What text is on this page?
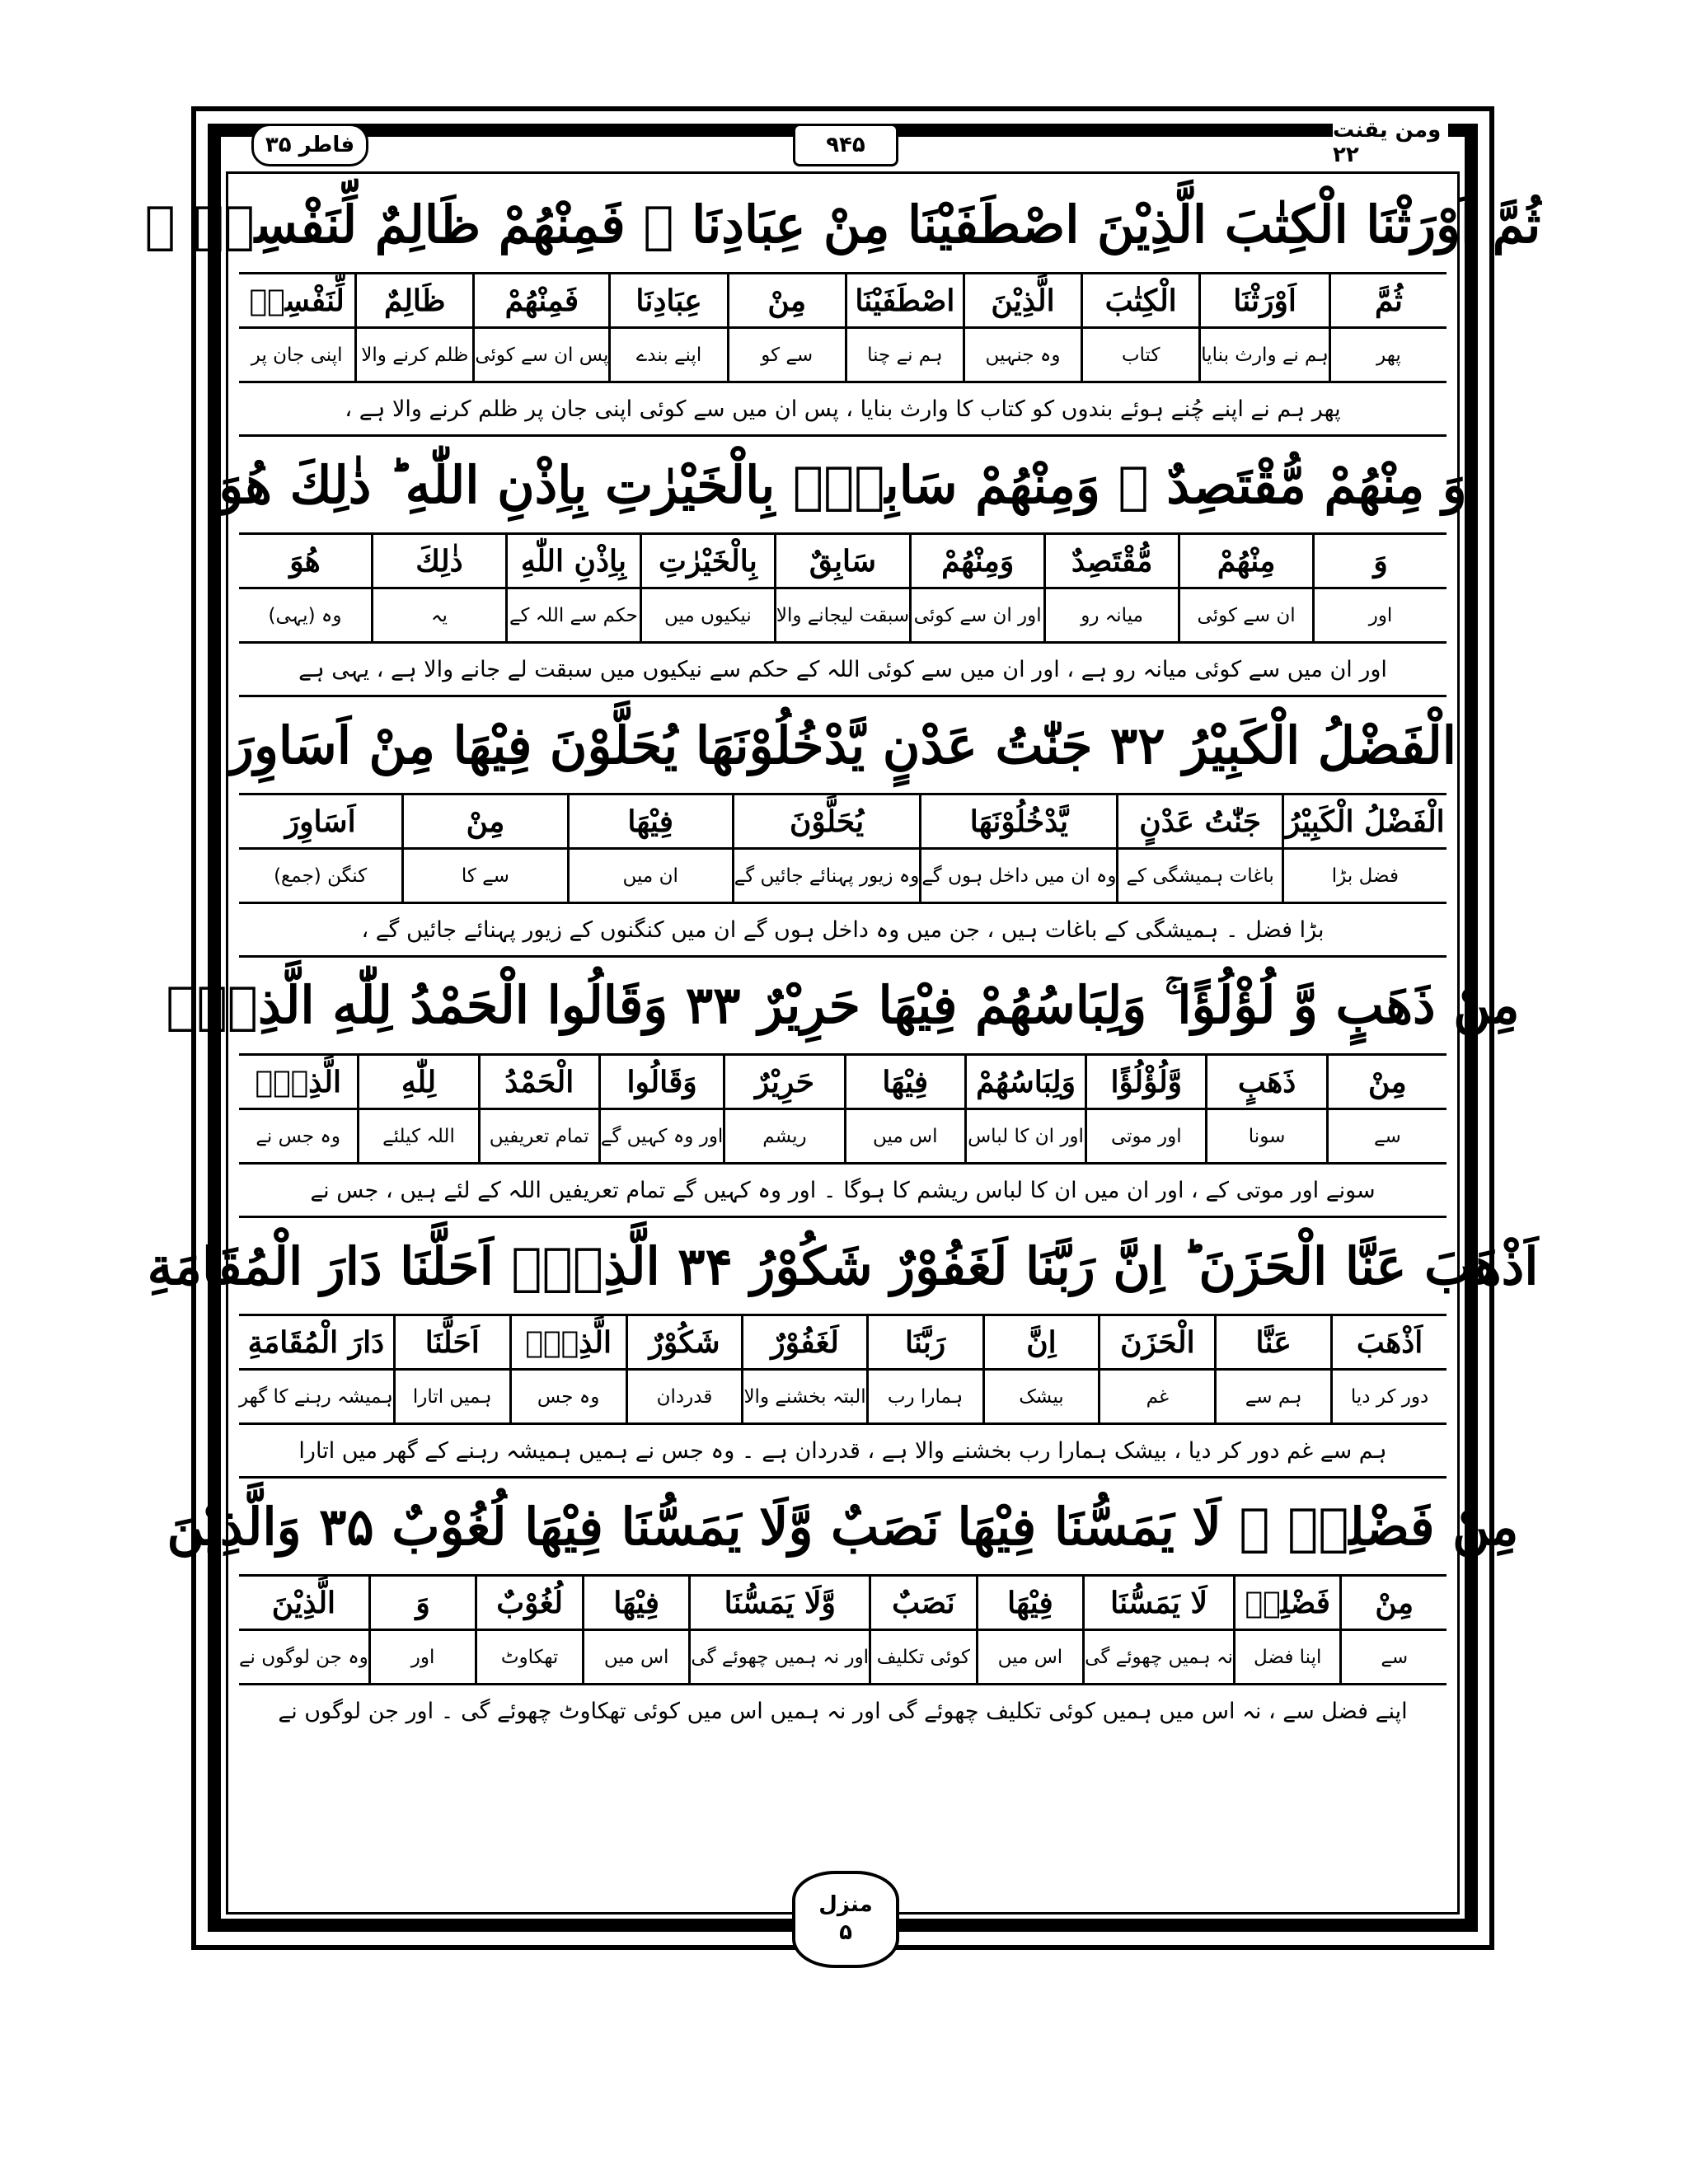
فاطر ۳۵	۹۴۵
ومن یقنت ۲۲
ثُمَّ اَوْرَثْنَا الْكِتٰبَ الَّذِيْنَ اصْطَفَيْنَا مِنْ عِبَادِنَا ۚ فَمِنْهُمْ ظَالِمٌ لِّنَفْسِهٖ ۚ
ثُمَّ
پھر
اَوْرَثْنَا
ہم نے وارث بنایا
الْكِتٰبَ
کتاب
الَّذِيْنَ
وہ جنہیں
اصْطَفَيْنَا
ہم نے چنا
مِنْ
سے کو
عِبَادِنَا
اپنے بندے
فَمِنْهُمْ
پس ان سے کوئی
ظَالِمٌ
ظلم کرنے والا
لِّنَفْسِهٖ
اپنی جان پر
پھر ہم نے اپنے چُنے ہوئے بندوں کو کتاب کا وارث بنایا ، پس ان میں سے کوئی اپنی جان پر ظلم کرنے والا ہے ،
وَ مِنْهُمْ مُّقْتَصِدٌ ۚ وَمِنْهُمْ سَابِقٌۢ بِالْخَيْرٰتِ بِاِذْنِ اللّٰهِ ؕ ذٰلِكَ هُوَ
وَ
اور
مِنْهُمْ
ان سے کوئی
مُّقْتَصِدٌ
میانہ رو
وَمِنْهُمْ
اور ان سے کوئی
سَابِقٌ
سبقت لیجانے والا
بِالْخَيْرٰتِ
نیکیوں میں
بِاِذْنِ اللّٰهِ
حکم سے اللہ کے
ذٰلِكَ
یہ
هُوَ
وہ (یہی)
اور ان میں سے کوئی میانہ رو ہے ، اور ان میں سے کوئی اللہ کے حکم سے نیکیوں میں سبقت لے جانے والا ہے ، یہی ہے
الْفَضْلُ الْكَبِيْرُ ۳۲ جَنّٰتُ عَدْنٍ يَّدْخُلُوْنَهَا يُحَلَّوْنَ فِيْهَا مِنْ اَسَاوِرَ
الْفَضْلُ الْكَبِيْرُ
فضل بڑا
جَنّٰتُ عَدْنٍ
باغات ہمیشگی کے
يَّدْخُلُوْنَهَا
وہ ان میں داخل ہوں گے
يُحَلَّوْنَ
وہ زیور پہنائے جائیں گے
فِيْهَا
ان میں
مِنْ
سے کا
اَسَاوِرَ
کنگن (جمع)
بڑا فضل ۔ ہمیشگی کے باغات ہیں ، جن میں وہ داخل ہوں گے ان میں کنگنوں کے زیور پہنائے جائیں گے ،
مِنْ ذَهَبٍ وَّ لُؤْلُؤًا ۚ وَلِبَاسُهُمْ فِيْهَا حَرِيْرٌ ۳۳ وَقَالُوا الْحَمْدُ لِلّٰهِ الَّذِيْۤ
مِنْ
سے
ذَهَبٍ
سونا
وَّلُؤْلُؤًا
اور موتی
وَلِبَاسُهُمْ
اور ان کا لباس
فِيْهَا
اس میں
حَرِيْرٌ
ریشم
وَقَالُوا
اور وہ کہیں گے
الْحَمْدُ
تمام تعریفیں
لِلّٰهِ
اللہ کیلئے
الَّذِيْۤ
وہ جس نے
سونے اور موتی کے ، اور ان میں ان کا لباس ریشم کا ہوگا ۔ اور وہ کہیں گے تمام تعریفیں اللہ کے لئے ہیں ، جس نے
اَذْهَبَ عَنَّا الْحَزَنَ ؕ اِنَّ رَبَّنَا لَغَفُوْرٌ شَكُوْرُ ۳۴ الَّذِيْۤ اَحَلَّنَا دَارَ الْمُقَامَةِ
اَذْهَبَ
دور کر دیا
عَنَّا
ہم سے
الْحَزَنَ
غم
اِنَّ
بیشک
رَبَّنَا
ہمارا رب
لَغَفُوْرٌ
البتہ بخشنے والا
شَكُوْرٌ
قدردان
الَّذِيْۤ
وہ جس
اَحَلَّنَا
ہمیں اتارا
دَارَ الْمُقَامَةِ
ہمیشہ رہنے کا گھر
ہم سے غم دور کر دیا ، بیشک ہمارا رب بخشنے والا ہے ، قدردان ہے ۔ وہ جس نے ہمیں ہمیشہ رہنے کے گھر میں اتارا
مِنْ فَضْلِهٖ ۚ لَا يَمَسُّنَا فِيْهَا نَصَبٌ وَّلَا يَمَسُّنَا فِيْهَا لُغُوْبٌ ۳۵ وَالَّذِيْنَ
مِنْ
سے
فَضْلِهٖ
اپنا فضل
لَا يَمَسُّنَا
نہ ہمیں چھوئے گی
فِيْهَا
اس میں
نَصَبٌ
کوئی تکلیف
وَّلَا يَمَسُّنَا
اور نہ ہمیں چھوئے گی
فِيْهَا
اس میں
لُغُوْبٌ
تھکاوٹ
وَ
اور
الَّذِيْنَ
وہ جن لوگوں نے
اپنے فضل سے ، نہ اس میں ہمیں کوئی تکلیف چھوئے گی اور نہ ہمیں اس میں کوئی تھکاوٹ چھوئے گی ۔ اور جن لوگوں نے
منزل
۵
